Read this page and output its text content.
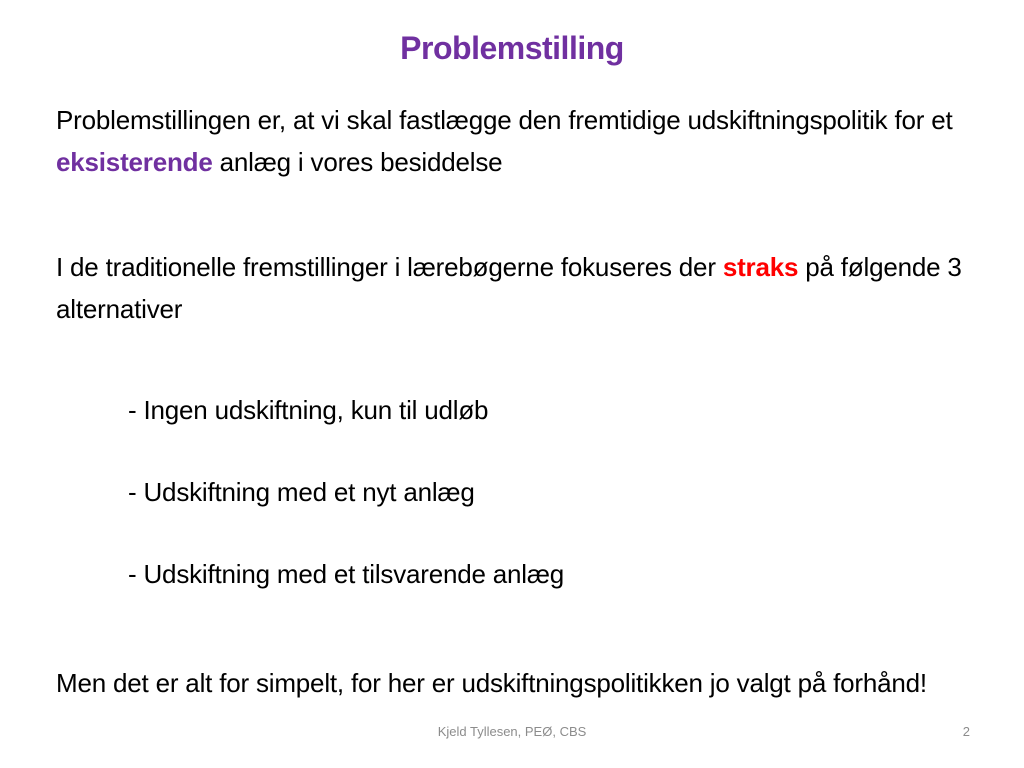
Problemstilling
Problemstillingen er, at vi skal fastlægge den fremtidige udskiftningspolitik for et eksisterende anlæg i vores besiddelse
I de traditionelle fremstillinger i lærebøgerne fokuseres der straks på følgende 3 alternativer
- Ingen udskiftning, kun til udløb
- Udskiftning med et nyt anlæg
- Udskiftning med et tilsvarende anlæg
Men det er alt for simpelt, for her er udskiftningspolitikken jo valgt på forhånd!
Kjeld Tyllesen, PEØ, CBS	2
